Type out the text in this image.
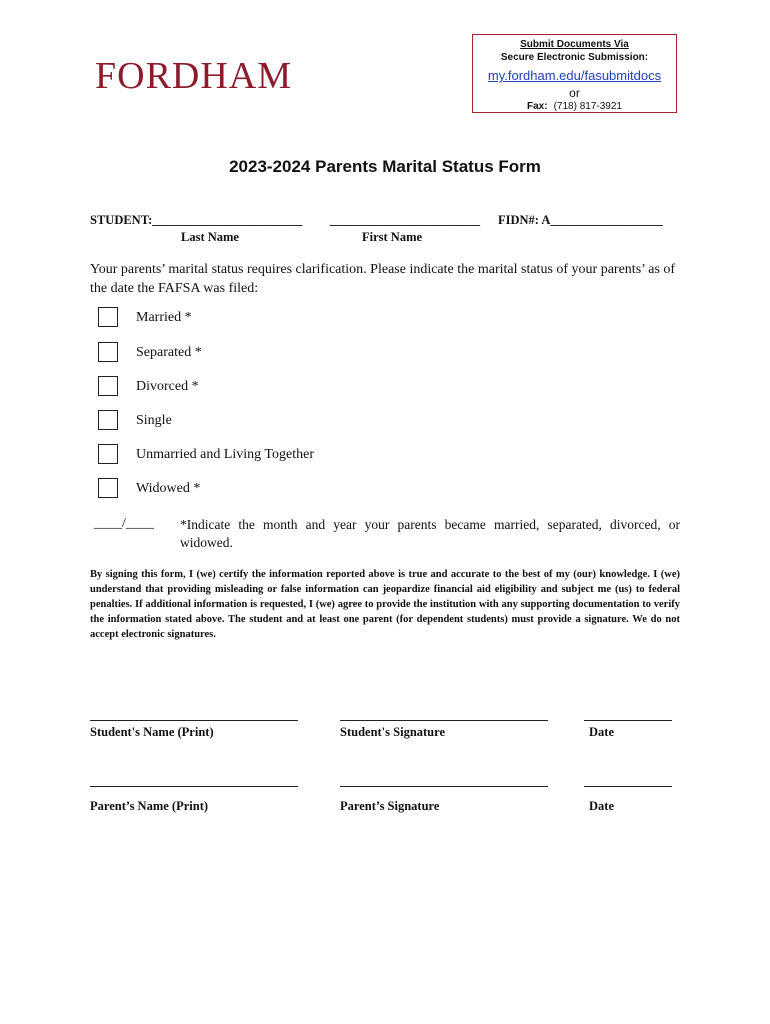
FORDHAM
Submit Documents Via
Secure Electronic Submission:
my.fordham.edu/fasubmitdocs
or
Fax: (718) 817-3921
2023-2024 Parents Marital Status Form
STUDENT:________________________ ________________________ FIDN#: A__________________
Last Name	First Name
Your parents’ marital status requires clarification. Please indicate the marital status of your parents’ as of the date the FAFSA was filed:
Married *
Separated *
Divorced *
Single
Unmarried and Living Together
Widowed *
____/____ *Indicate the month and year your parents became married, separated, divorced, or widowed.
By signing this form, I (we) certify the information reported above is true and accurate to the best of my (our) knowledge. I (we) understand that providing misleading or false information can jeopardize financial aid eligibility and subject me (us) to federal penalties. If additional information is requested, I (we) agree to provide the institution with any supporting documentation to verify the information stated above. The student and at least one parent (for dependent students) must provide a signature. We do not accept electronic signatures.
Student's Name (Print)	Student's Signature	Date
Parent’s Name (Print)	Parent’s Signature	Date
